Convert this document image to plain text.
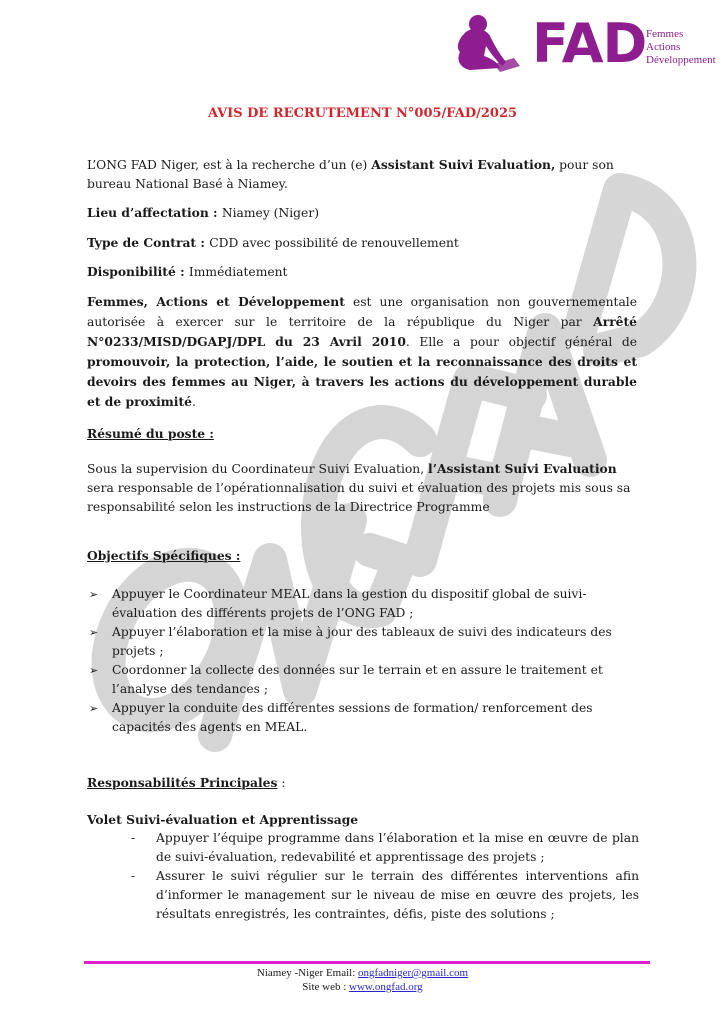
FAD Femmes
Actions
Développement
AVIS DE RECRUTEMENT N°005/FAD/2025
L’ONG FAD Niger, est à la recherche d’un (e) Assistant Suivi Evaluation, pour son bureau National Basé à Niamey.
Lieu d’affectation : Niamey (Niger)
Type de Contrat : CDD avec possibilité de renouvellement
Disponibilité : Immédiatement
Femmes, Actions et Développement est une organisation non gouvernementale autorisée à exercer sur le territoire de la république du Niger par Arrêté N°0233/MISD/DGAPJ/DPL du 23 Avril 2010. Elle a pour objectif général de promouvoir, la protection, l’aide, le soutien et la reconnaissance des droits et devoirs des femmes au Niger, à travers les actions du développement durable et de proximité.
Résumé du poste :
Sous la supervision du Coordinateur Suivi Evaluation, l’Assistant Suivi Evaluation sera responsable de l’opérationnalisation du suivi et évaluation des projets mis sous sa responsabilité selon les instructions de la Directrice Programme
Objectifs Spécifiques :
➢ Appuyer le Coordinateur MEAL dans la gestion du dispositif global de suivi-évaluation des différents projets de l’ONG FAD ;
➢ Appuyer l’élaboration et la mise à jour des tableaux de suivi des indicateurs des projets ;
➢ Coordonner la collecte des données sur le terrain et en assure le traitement et l’analyse des tendances ;
➢ Appuyer la conduite des différentes sessions de formation/ renforcement des capacités des agents en MEAL.
Responsabilités Principales :
Volet Suivi-évaluation et Apprentissage
- Appuyer l’équipe programme dans l’élaboration et la mise en œuvre de plan de suivi-évaluation, redevabilité et apprentissage des projets ;
- Assurer le suivi régulier sur le terrain des différentes interventions afin d’informer le management sur le niveau de mise en œuvre des projets, les résultats enregistrés, les contraintes, défis, piste des solutions ;
Niamey -Niger Email: ongfadniger@gmail.com
Site web : www.ongfad.org
